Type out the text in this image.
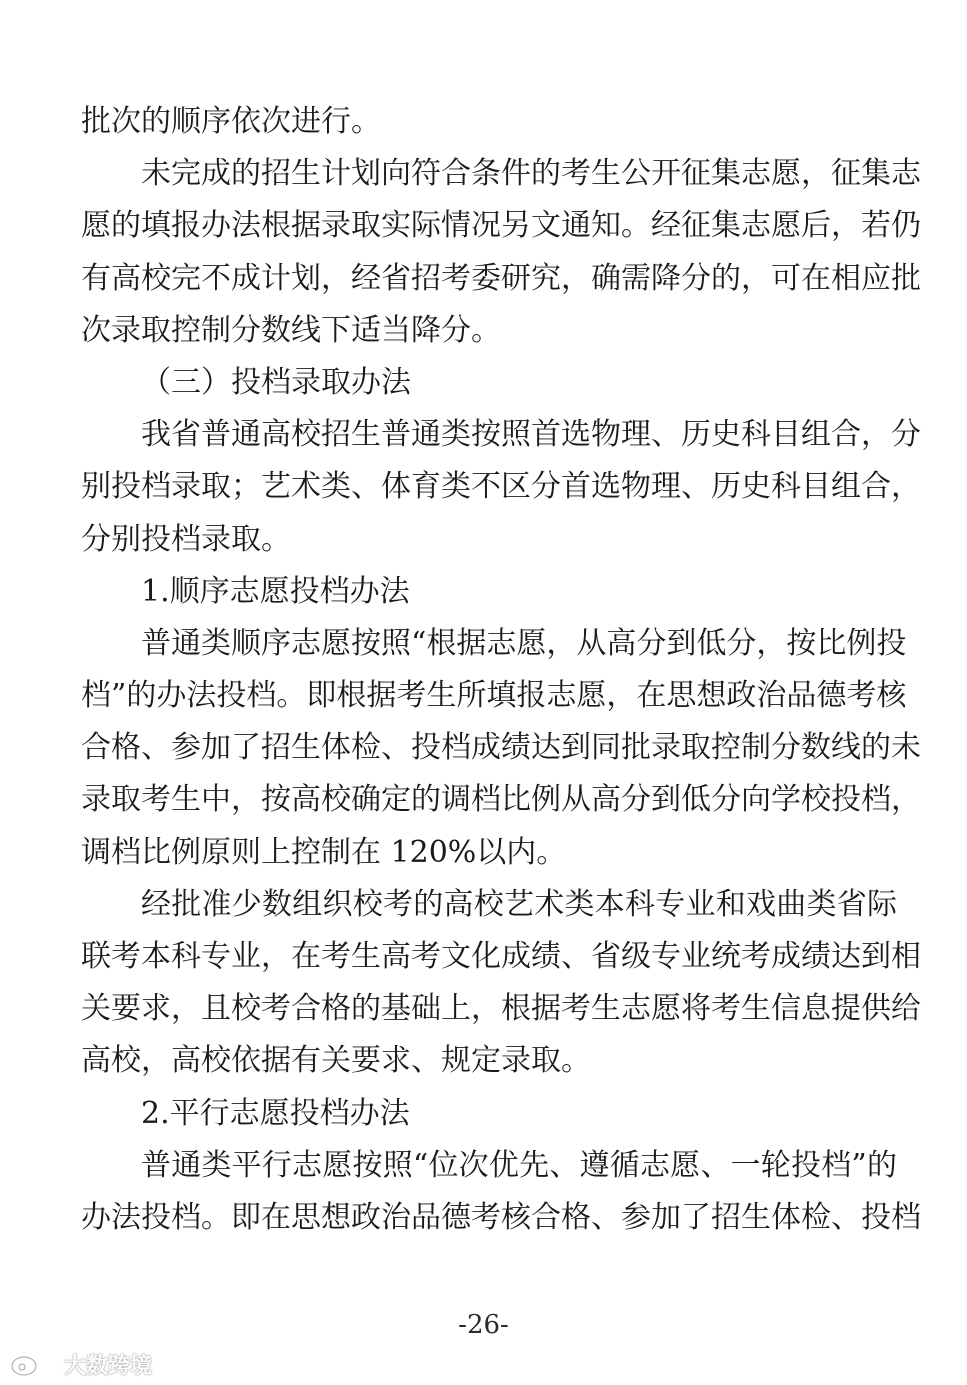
批次的顺序依次进行。
未完成的招生计划向符合条件的考生公开征集志愿，征集志
愿的填报办法根据录取实际情况另文通知。经征集志愿后，若仍
有高校完不成计划，经省招考委研究，确需降分的，可在相应批
次录取控制分数线下适当降分。
（三）投档录取办法
我省普通高校招生普通类按照首选物理、历史科目组合，分
别投档录取；艺术类、体育类不区分首选物理、历史科目组合，
分别投档录取。
1.顺序志愿投档办法
普通类顺序志愿按照“根据志愿，从高分到低分，按比例投
档”的办法投档。即根据考生所填报志愿，在思想政治品德考核
合格、参加了招生体检、投档成绩达到同批录取控制分数线的未
录取考生中，按高校确定的调档比例从高分到低分向学校投档，
调档比例原则上控制在 120%以内。
经批准少数组织校考的高校艺术类本科专业和戏曲类省际
联考本科专业，在考生高考文化成绩、省级专业统考成绩达到相
关要求，且校考合格的基础上，根据考生志愿将考生信息提供给
高校，高校依据有关要求、规定录取。
2.平行志愿投档办法
普通类平行志愿按照“位次优先、遵循志愿、一轮投档”的
办法投档。即在思想政治品德考核合格、参加了招生体检、投档
-26-
大数跨境
